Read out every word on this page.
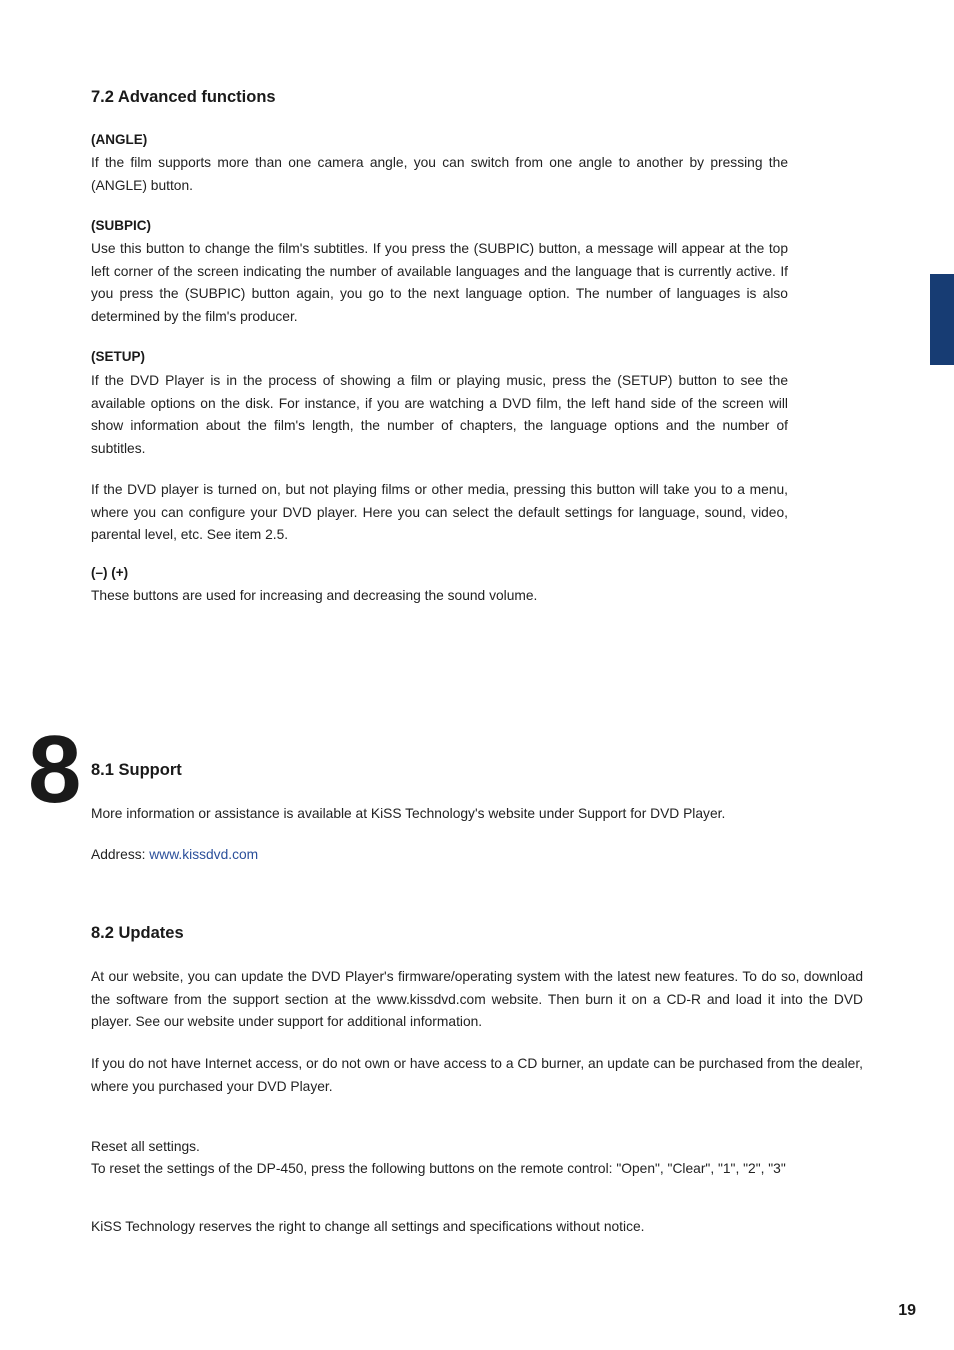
7.2 Advanced functions
(ANGLE)
If the film supports more than one camera angle, you can switch from one angle to another by pressing the (ANGLE) button.
(SUBPIC)
Use this button to change the film's subtitles. If you press the (SUBPIC) button, a message will appear at the top left corner of the screen indicating the number of available languages and the language that is currently active. If you press the (SUBPIC) button again, you go to the next language option. The number of languages is also determined by the film's producer.
(SETUP)
If the DVD Player is in the process of showing a film or playing music, press the (SETUP) button to see the available options on the disk. For instance, if you are watching a DVD film, the left hand side of the screen will show information about the film's length, the number of chapters, the language options and the number of subtitles.
If the DVD player is turned on, but not playing films or other media, pressing this button will take you to a menu, where you can configure your DVD player. Here you can select the default settings for language, sound, video, parental level, etc. See item 2.5.
(–) (+)
These buttons are used for increasing and decreasing the sound volume.
8 8.1 Support
More information or assistance is available at KiSS Technology's website under Support for DVD Player.
Address: www.kissdvd.com
8.2 Updates
At our website, you can update the DVD Player's firmware/operating system with the latest new features. To do so, download the software from the support section at the www.kissdvd.com website. Then burn it on a CD-R and load it into the DVD player. See our website under support for additional information.
If you do not have Internet access, or do not own or have access to a CD burner, an update can be purchased from the dealer, where you purchased your DVD Player.
Reset all settings.
To reset the settings of the DP-450, press the following buttons on the remote control: "Open", "Clear", "1", "2", "3"
KiSS Technology reserves the right to change all settings and specifications without notice.
19
